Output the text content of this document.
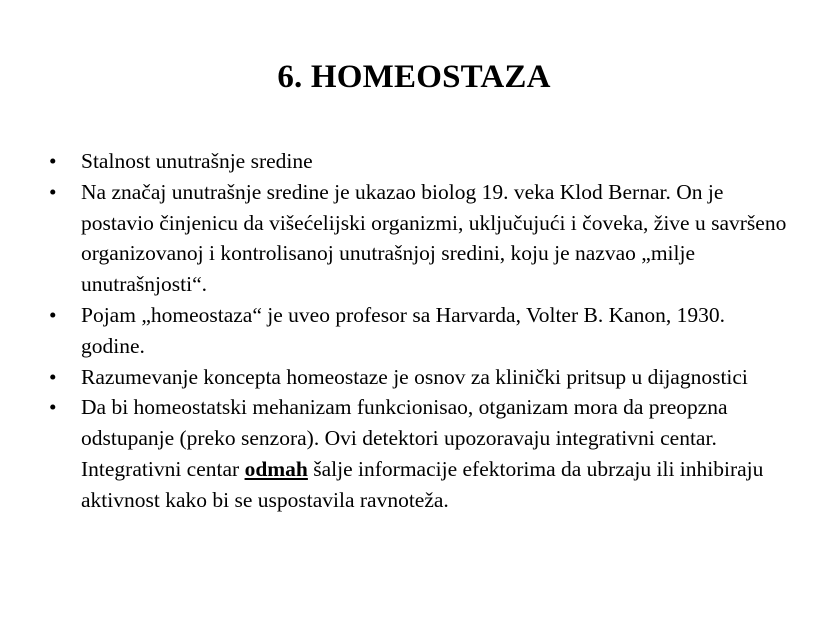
6. HOMEOSTAZA
•	Stalnost unutrašnje sredine
•	Na značaj unutrašnje sredine je ukazao biolog 19. veka Klod Bernar. On je postavio činjenicu da višećelijski organizmi, uključujući i čoveka, žive u savršeno organizovanoj i kontrolisanoj unutrašnjoj sredini, koju je nazvao „milje unutrašnjosti“.
•	Pojam „homeostaza“ je uveo profesor sa Harvarda, Volter B. Kanon, 1930. godine.
•	Razumevanje koncepta homeostaze je osnov za klinički pritsup u dijagnostici
•	Da bi homeostatski mehanizam funkcionisao, otganizam mora da preopzna odstupanje (preko senzora). Ovi detektori upozoravaju integrativni centar. Integrativni centar odmah šalje informacije efektorima da ubrzaju ili inhibiraju aktivnost kako bi se uspostavila ravnoteža.
